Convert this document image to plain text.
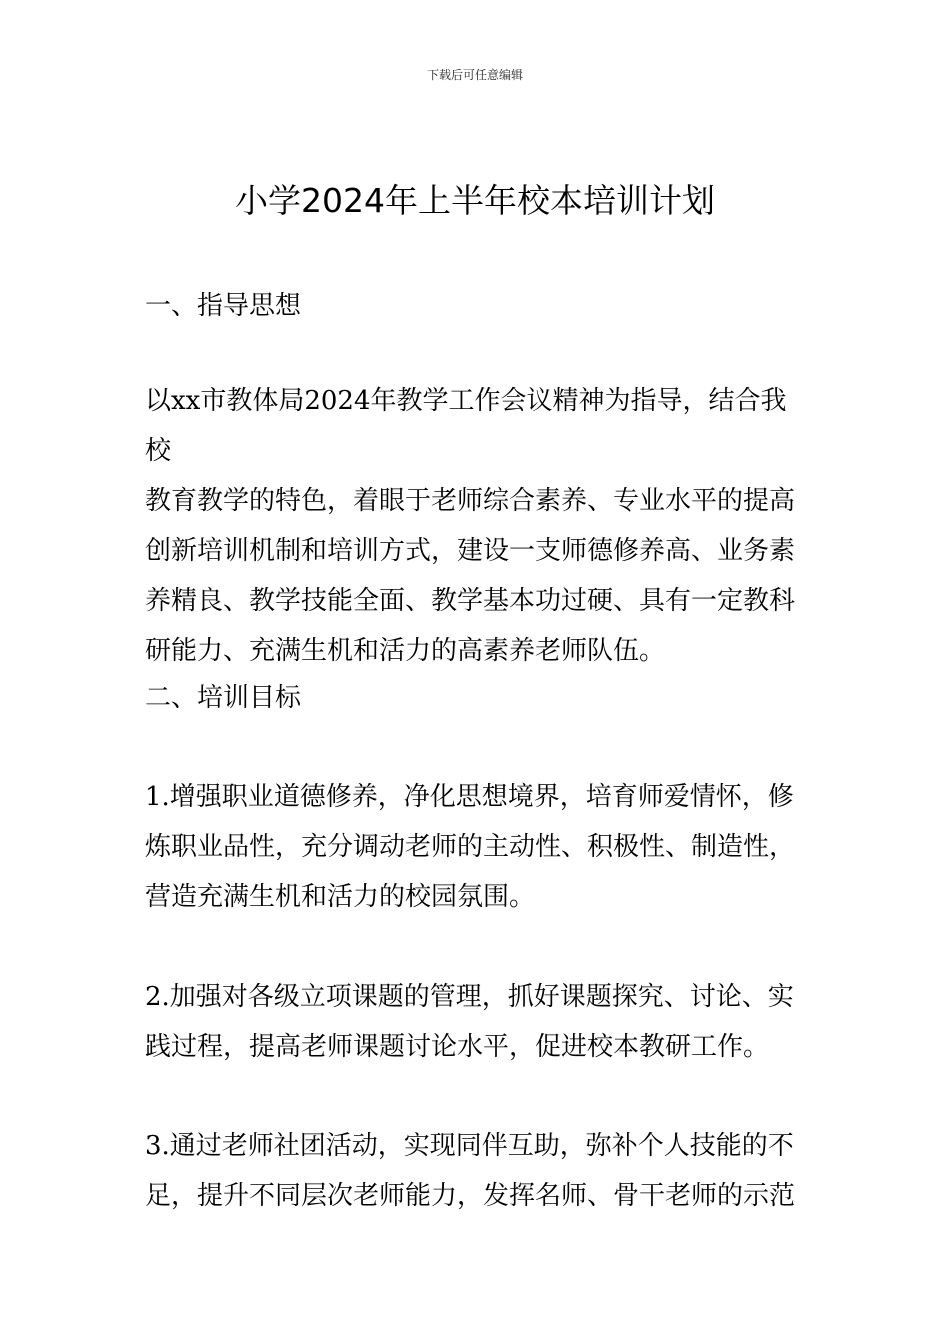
下载后可任意编辑
小学2024年上半年校本培训计划

一、指导思想

以xx市教体局2024年教学工作会议精神为指导，结合我校
教育教学的特色，着眼于老师综合素养、专业水平的提高
创新培训机制和培训方式，建设一支师德修养高、业务素
养精良、教学技能全面、教学基本功过硬、具有一定教科
研能力、充满生机和活力的高素养老师队伍。

二、培训目标

1.增强职业道德修养，净化思想境界，培育师爱情怀，修
炼职业品性，充分调动老师的主动性、积极性、制造性，
营造充满生机和活力的校园氛围。

2.加强对各级立项课题的管理，抓好课题探究、讨论、实
践过程，提高老师课题讨论水平，促进校本教研工作。

3.通过老师社团活动，实现同伴互助，弥补个人技能的不
足，提升不同层次老师能力，发挥名师、骨干老师的示范
